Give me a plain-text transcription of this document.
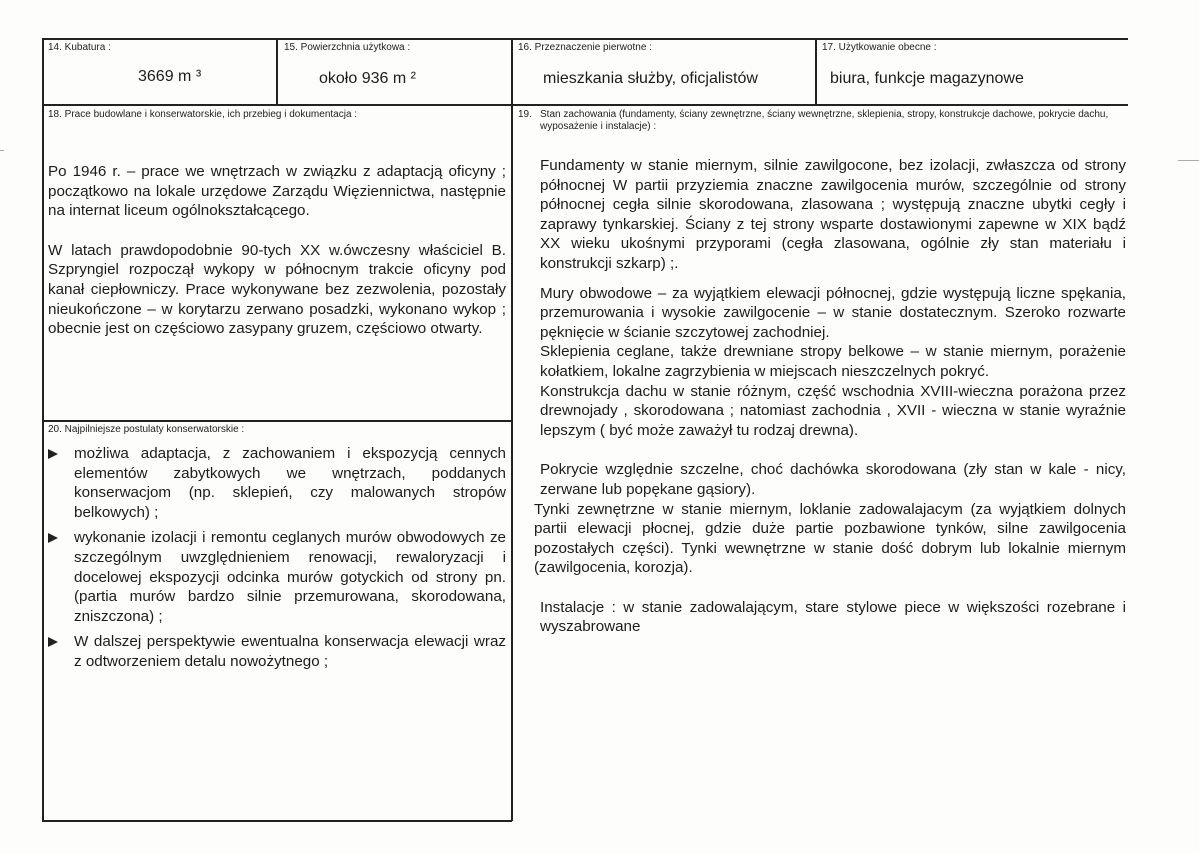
14. Kubatura :
3669 m ³
15. Powierzchnia użytkowa :
około 936 m ²
16. Przeznaczenie pierwotne :
mieszkania służby, oficjalistów
17. Użytkowanie obecne :
biura, funkcje magazynowe
18. Prace budowlane i konserwatorskie, ich przebieg i dokumentacja :

Po 1946 r. – prace we wnętrzach w związku z adaptacją oficyny ; początkowo na lokale urzędowe Zarządu Więziennictwa, następnie na internat liceum ogólnokształcącego.

W latach prawdopodobnie 90-tych XX w.ówczesny właściciel B. Szpryngiel rozpoczął wykopy w północnym trakcie oficyny pod kanał ciepłowniczy. Prace wykonywane bez zezwolenia, pozostały nieukończone – w korytarzu zerwano posadzki, wykonano wykop ; obecnie jest on częściowo zasypany gruzem, częściowo otwarty.

20. Najpilniejsze postulaty konserwatorskie :
możliwa adaptacja, z zachowaniem i ekspozycją cennych elementów zabytkowych we wnętrzach, poddanych konserwacjom (np. sklepień, czy malowanych stropów belkowych) ;
wykonanie izolacji i remontu ceglanych murów obwodowych ze szczególnym uwzględnieniem renowacji, rewaloryzacji i docelowej ekspozycji odcinka murów gotyckich od strony pn. (partia murów bardzo silnie przemurowana, skorodowana, zniszczona) ;
W dalszej perspektywie ewentualna konserwacja elewacji wraz z odtworzeniem detalu nowożytnego ;
19. Stan zachowania (fundamenty, ściany zewnętrzne, ściany wewnętrzne, sklepienia, stropy, konstrukcje dachowe, pokrycie dachu, wyposażenie i instalacje) :

Fundamenty w stanie miernym, silnie zawilgocone, bez izolacji, zwłaszcza od strony północnej W partii przyziemia znaczne zawilgocenia murów, szczególnie od strony północnej cegła silnie skorodowana, zlasowana ; występują znaczne ubytki cegły i zaprawy tynkarskiej. Ściany z tej strony wsparte dostawionymi zapewne w XIX bądź XX wieku ukośnymi przyporami (cegła zlasowana, ogólnie zły stan materiału i konstrukcji szkarp) ;.

Mury obwodowe – za wyjątkiem elewacji północnej, gdzie występują liczne spękania, przemurowania i wysokie zawilgocenie – w stanie dostatecznym. Szeroko rozwarte pęknięcie w ścianie szczytowej zachodniej.

Sklepienia ceglane, także drewniane stropy belkowe – w stanie miernym, porażenie kołatkiem, lokalne zagrzybienia w miejscach nieszczelnych pokryć.

Konstrukcja dachu w stanie różnym, część wschodnia XVIII-wieczna porażona przez drewnojady , skorodowana ; natomiast zachodnia , XVII - wieczna w stanie wyraźnie lepszym ( być może zaważył tu rodzaj drewna).

Pokrycie względnie szczelne, choć dachówka skorodowana (zły stan w kale - nicy, zerwane lub popękane gąsiory).

Tynki zewnętrzne w stanie miernym, loklanie zadowalajacym (za wyjątkiem dolnych partii elewacji płocnej, gdzie duże partie pozbawione tynków, silne zawilgocenia pozostałych części). Tynki wewnętrzne w stanie dość dobrym lub lokalnie miernym (zawilgocenia, korozja).

Instalacje : w stanie zadowalającym, stare stylowe piece w większości rozebrane i wyszabrowane
